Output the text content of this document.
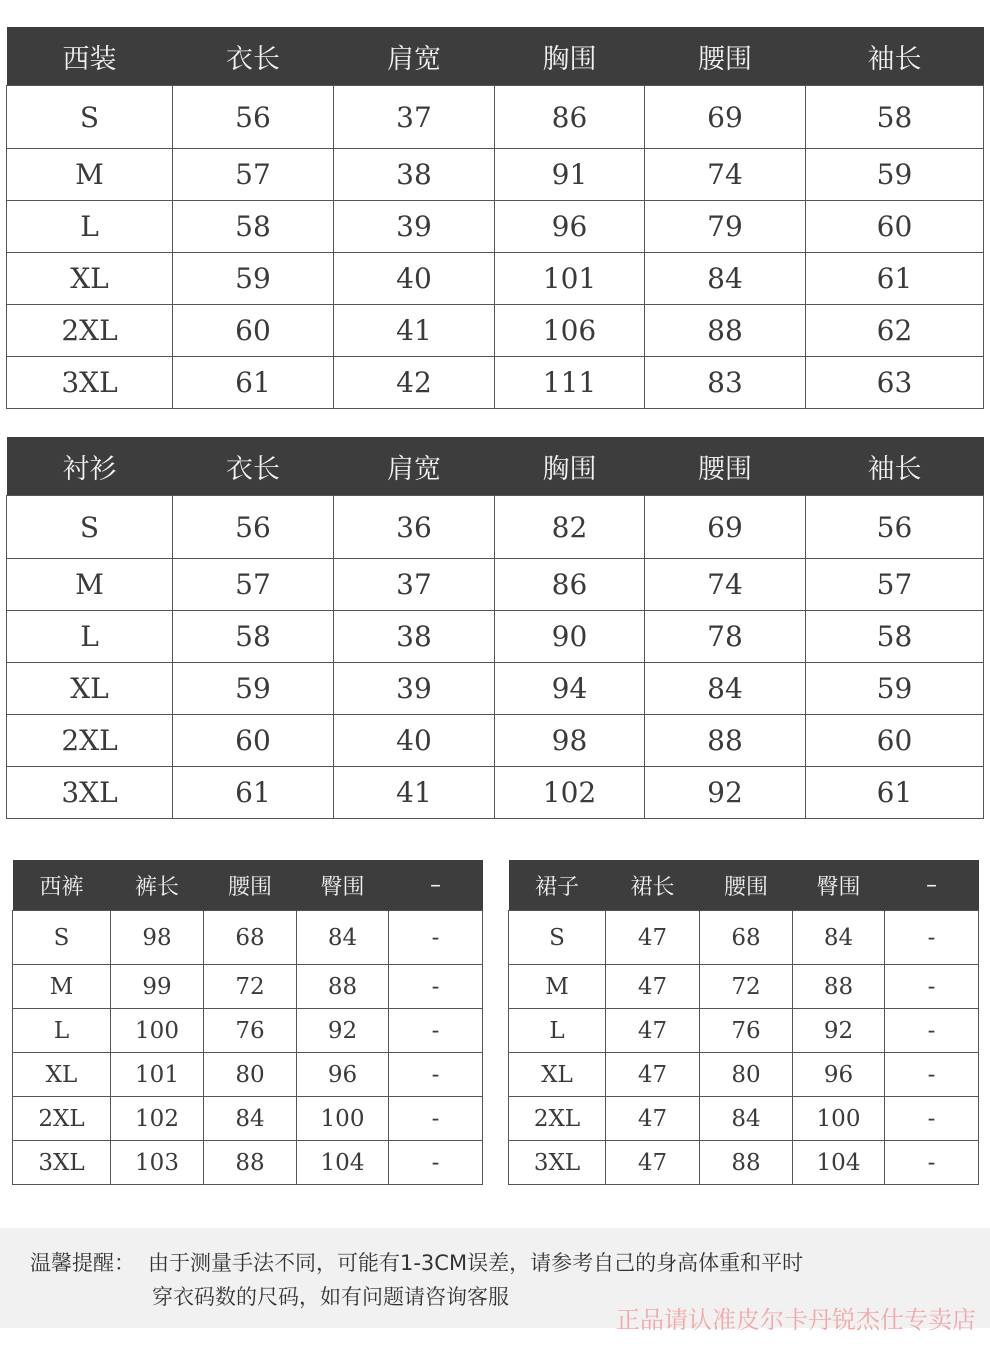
西装	衣长	肩宽	胸围	腰围	袖长
S	56	37	86	69	58
M	57	38	91	74	59
L	58	39	96	79	60
XL	59	40	101	84	61
2XL	60	41	106	88	62
3XL	61	42	111	83	63
衬衫	衣长	肩宽	胸围	腰围	袖长
S	56	36	82	69	56
M	57	37	86	74	57
L	58	38	90	78	58
XL	59	39	94	84	59
2XL	60	40	98	88	60
3XL	61	41	102	92	61
西裤	裤长	腰围	臀围	–
S	98	68	84	-
M	99	72	88	-
L	100	76	92	-
XL	101	80	96	-
2XL	102	84	100	-
3XL	103	88	104	-
裙子	裙长	腰围	臀围	–
S	47	68	84	-
M	47	72	88	-
L	47	76	92	-
XL	47	80	96	-
2XL	47	84	100	-
3XL	47	88	104	-
温馨提醒： 由于测量手法不同，可能有1-3CM误差，请参考自己的身高体重和平时
穿衣码数的尺码，如有问题请咨询客服
正品请认准皮尔卡丹锐杰仕专卖店
